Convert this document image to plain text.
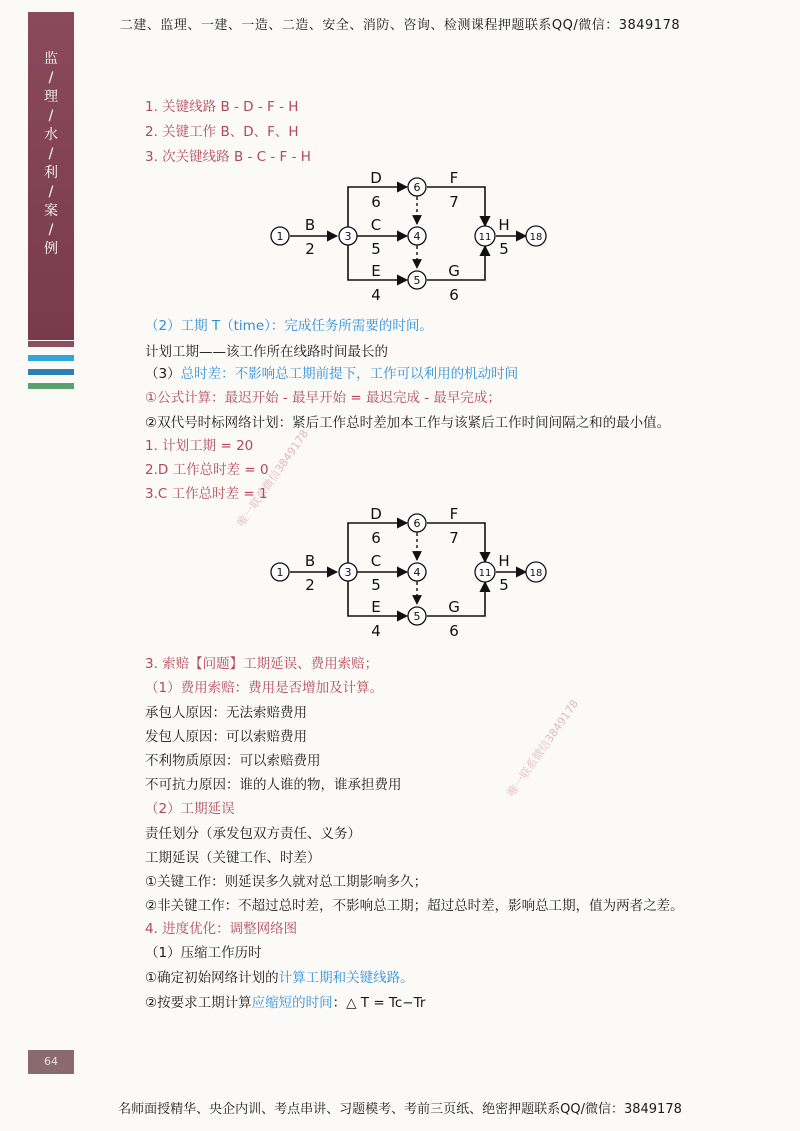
二建、监理、一建、一造、二造、安全、消防、咨询、检测课程押题联系QQ/微信：3849178
监
/
理
/
水
/
利
/
案
/
例
唯一联系微信3849178
唯一联系微信3849178
1. 关键线路 B - D - F - H
2. 关键工作 B、D、F、H
3. 次关键线路 B - C - F - H
1	3
6
4
5
11	18
B
2
D
6
C
5
E
4
F
7
G
6
H
5
（2）工期 T（time）：完成任务所需要的时间。
计划工期——该工作所在线路时间最长的
（3）总时差：不影响总工期前提下，工作可以利用的机动时间
①公式计算：最迟开始 - 最早开始 = 最迟完成 - 最早完成；
②双代号时标网络计划：紧后工作总时差加本工作与该紧后工作时间间隔之和的最小值。
1. 计划工期 = 20
2.D 工作总时差 = 0
3.C 工作总时差 = 1
1	3
6
4
5
11	18
B
2
D
6
C
5
E
4
F
7
G
6
H
5
3. 索赔【问题】工期延误、费用索赔；
（1）费用索赔：费用是否增加及计算。
承包人原因：无法索赔费用
发包人原因：可以索赔费用
不利物质原因：可以索赔费用
不可抗力原因：谁的人谁的物，谁承担费用
（2）工期延误
责任划分（承发包双方责任、义务）
工期延误（关键工作、时差）
①关键工作：则延误多久就对总工期影响多久；
②非关键工作：不超过总时差，不影响总工期；超过总时差，影响总工期，值为两者之差。
4. 进度优化：调整网络图
（1）压缩工作历时
①确定初始网络计划的计算工期和关键线路。
②按要求工期计算应缩短的时间：△ T = Tc−Tr
64
名师面授精华、央企内训、考点串讲、习题模考、考前三页纸、绝密押题联系QQ/微信：3849178
